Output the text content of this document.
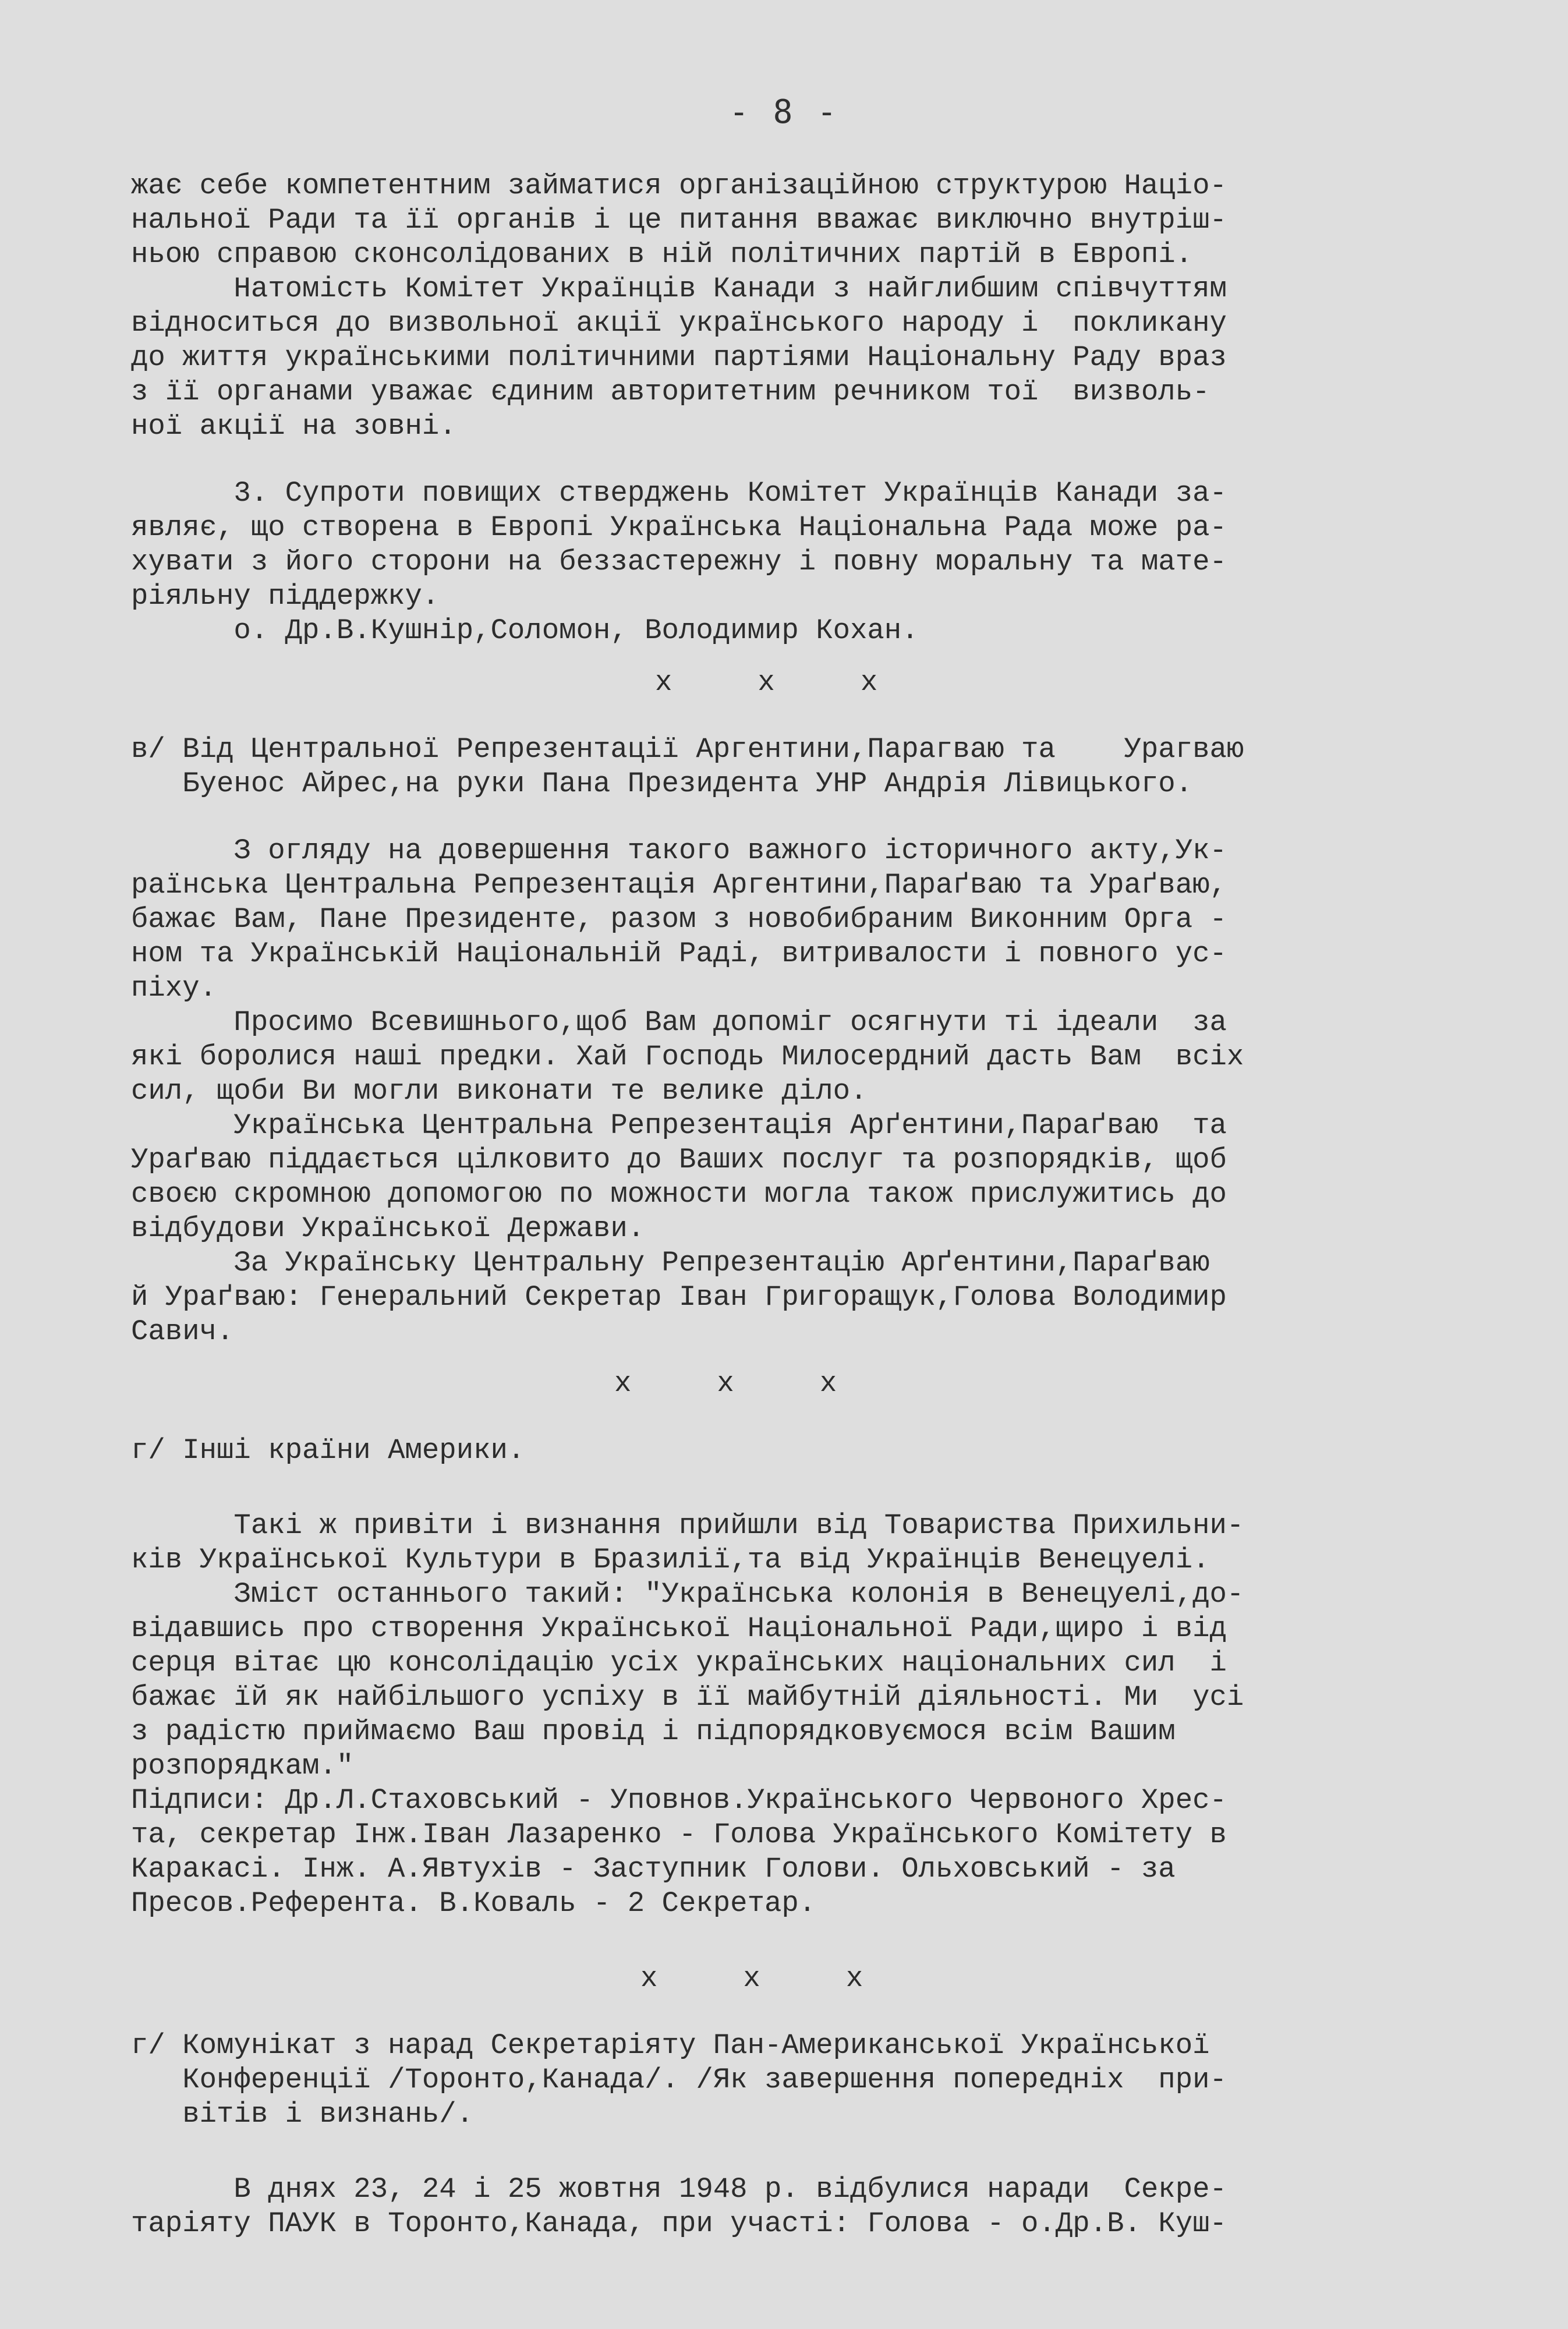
- 8 -
жає себе компетентним займатися організаційною структурою Націо-
нальної Ради та її органів і це питання вважає виключно внутріш-
ньою справою сконсолідованих в ній політичних партій в Европі.
Натомість Комітет Українців Канади з найглибшим співчуттям
відноситься до визвольної акції українського народу і  покликану
до життя українськими політичними партіями Національну Раду враз
з її органами уважає єдиним авторитетним речником тої  визволь-
ної акції на зовні.
3. Супроти повищих стверджень Комітет Українців Канади за-
являє, що створена в Европі Українська Національна Рада може ра-
хувати з його сторони на беззастережну і повну моральну та мате-
ріяльну піддержку.
о. Др.В.Кушнір,Соломон, Володимир Кохан.
x     x     x
в/ Від Центральної Репрезентації Аргентини,Парагваю та    Урагваю
Буенос Айрес,на руки Пана Президента УНР Андрія Лівицького.
З огляду на довершення такого важного історичного акту,Ук-
раїнська Центральна Репрезентація Аргентини,Параґваю та Ураґваю,
бажає Вам, Пане Президенте, разом з новобибраним Виконним Орга -
ном та Українській Національній Раді, витривалости і повного ус-
піху.
Просимо Всевишнього,щоб Вам допоміг осягнути ті ідеали  за
які боролися наші предки. Хай Господь Милосердний дасть Вам  всіх
сил, щоби Ви могли виконати те велике діло.
Українська Центральна Репрезентація Арґентини,Параґваю  та
Ураґваю піддається цілковито до Ваших послуг та розпорядків, щоб
своєю скромною допомогою по можности могла також прислужитись до
відбудови Української Держави.
За Українську Центральну Репрезентацію Арґентини,Параґваю
й Ураґваю: Генеральний Секретар Іван Григоращук,Голова Володимир
Савич.
x     x     x
г/ Інші країни Америки.
Такі ж привіти і визнання прийшли від Товариства Прихильни-
ків Української Культури в Бразилії,та від Українців Венецуелі.
Зміст останнього такий: "Українська колонія в Венецуелі,до-
відавшись про створення Української Національної Ради,щиро і від
серця вітає цю консолідацію усіх українських національних сил  і
бажає їй як найбільшого успіху в її майбутній діяльності. Ми  усі
з радістю приймаємо Ваш провід і підпорядковуємося всім Вашим
розпорядкам."
Підписи: Др.Л.Стаховський - Уповнов.Українського Червоного Хрес-
та, секретар Інж.Іван Лазаренко - Голова Українського Комітету в
Каракасі. Інж. А.Явтухів - Заступник Голови. Ольховський - за
Пресов.Референта. В.Коваль - 2 Секретар.
x     x     x
г/ Комунікат з нарад Секретаріяту Пан-Американської Української
Конференції /Торонто,Канада/. /Як завершення попередніх  при-
вітів і визнань/.
В днях 23, 24 і 25 жовтня 1948 р. відбулися наради  Секре-
таріяту ПАУК в Торонто,Канада, при участі: Голова - о.Др.В. Куш-
